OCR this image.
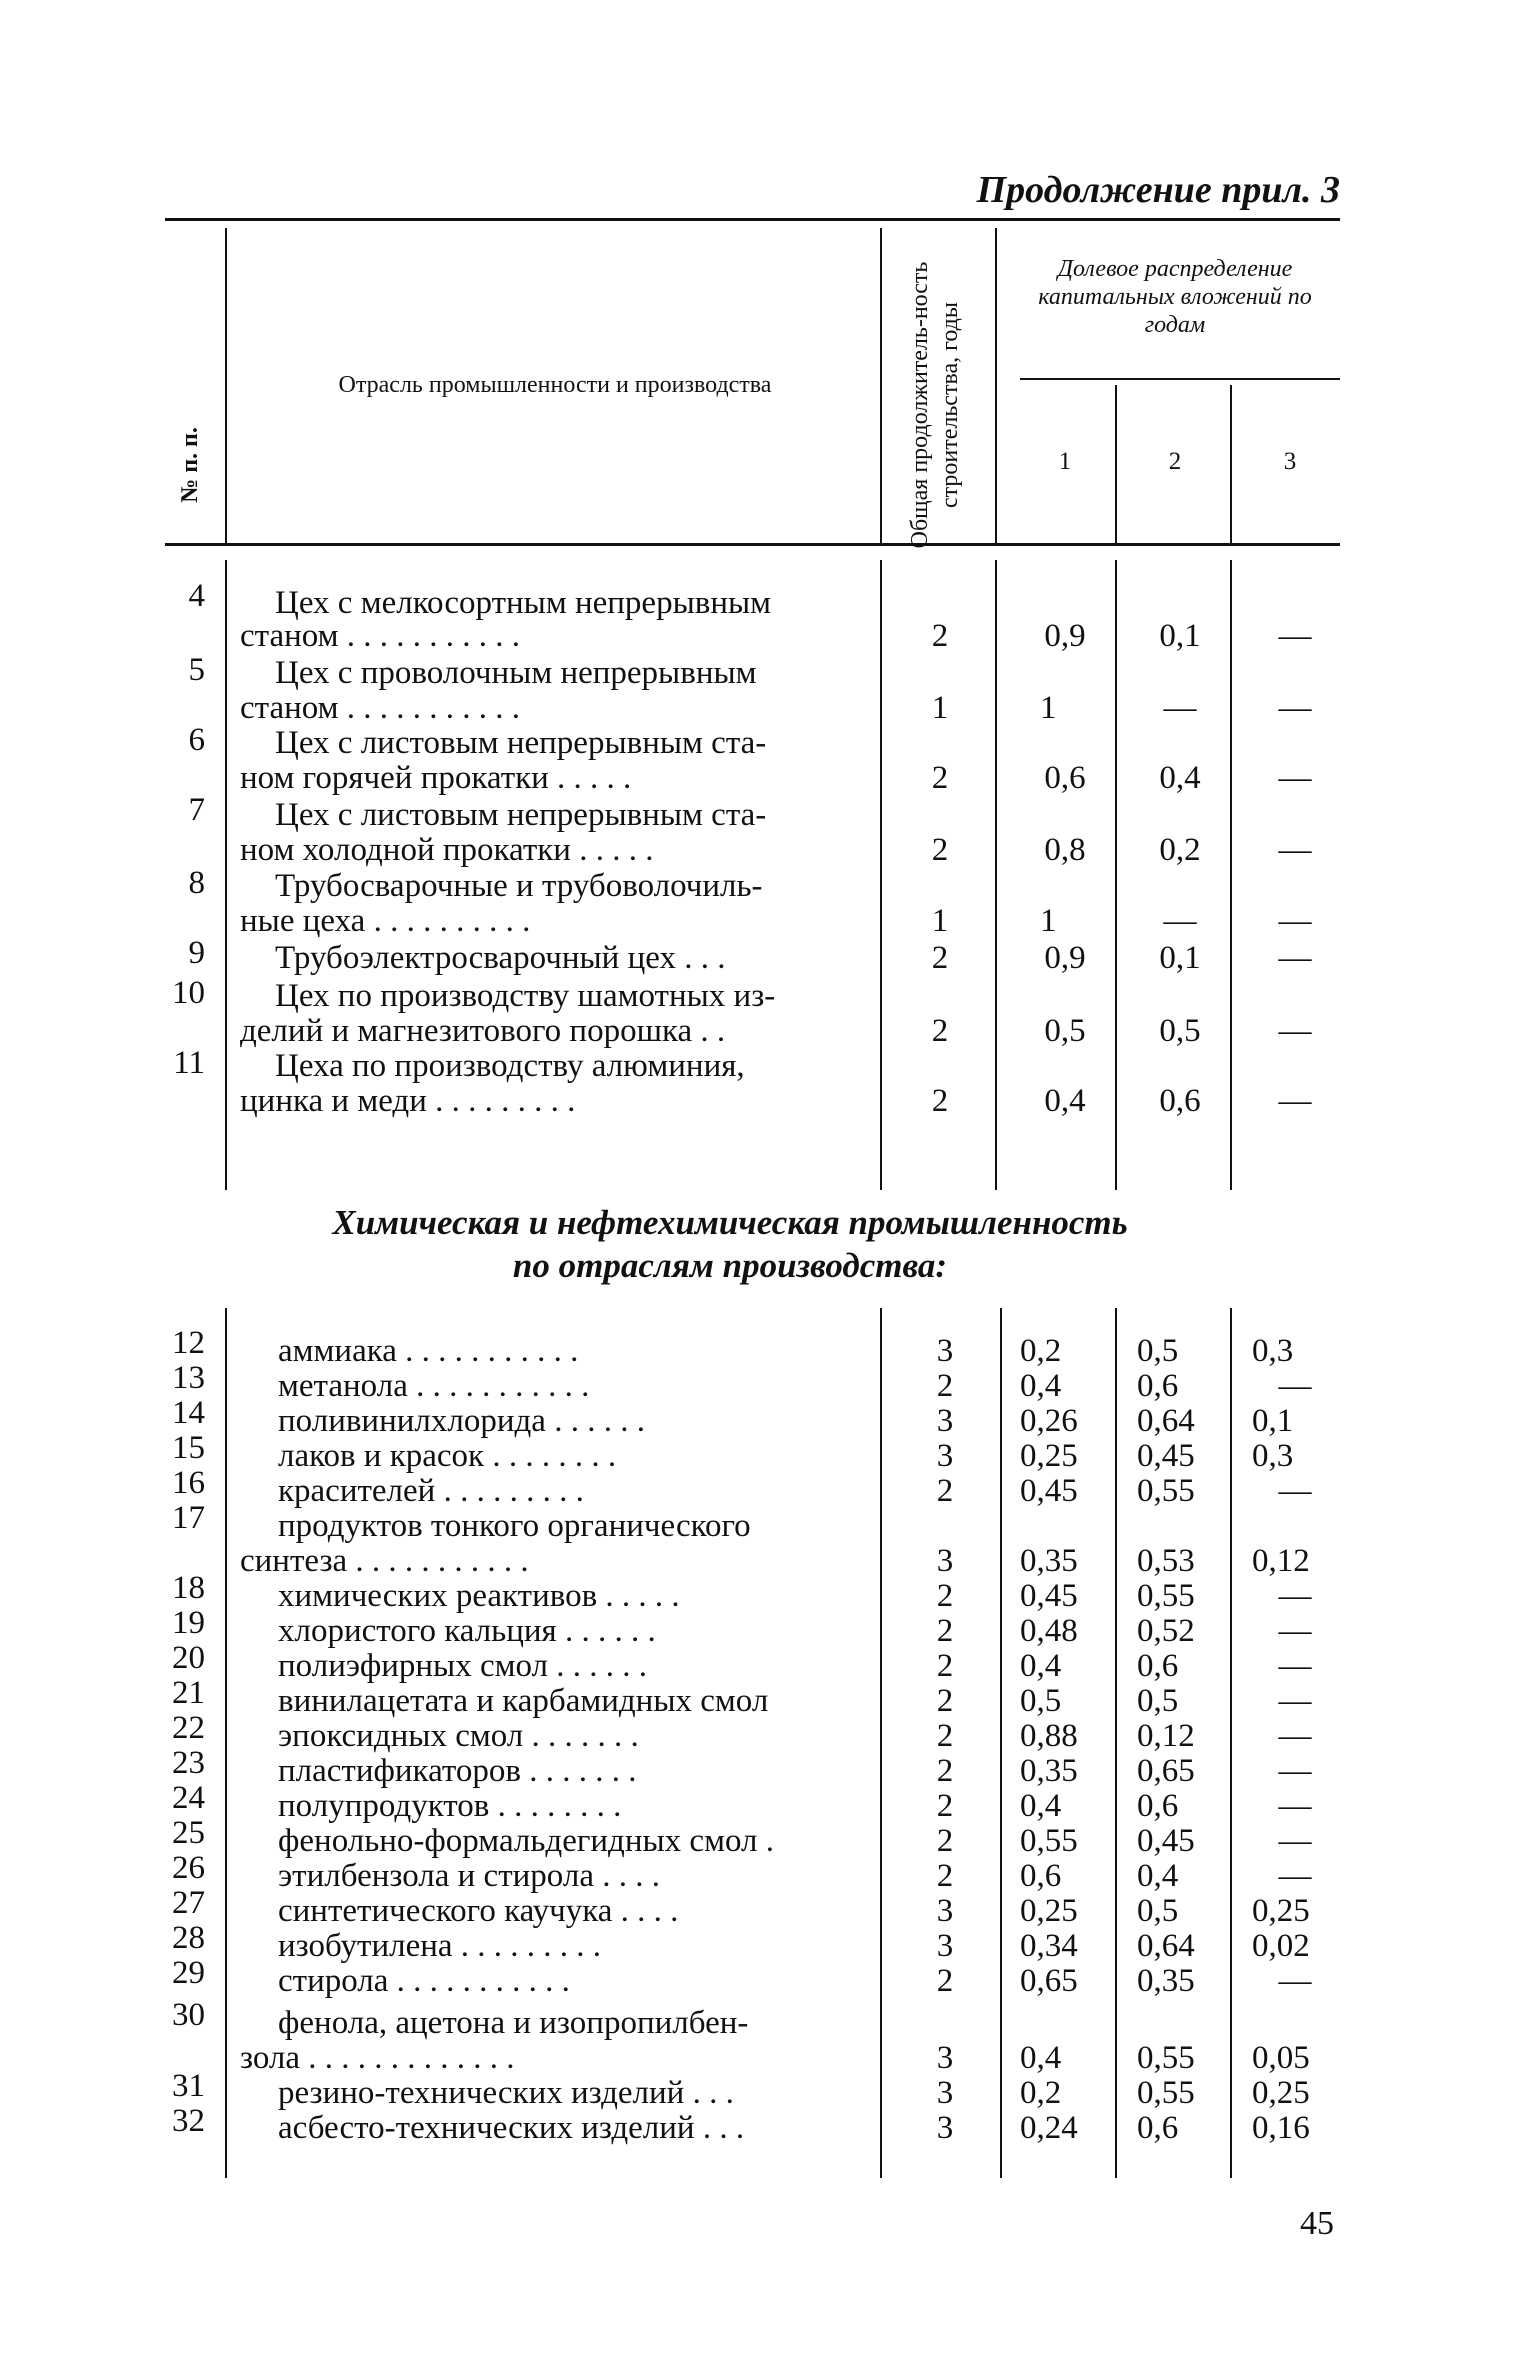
Продолжение прил. 3
№ п. п.
Отрасль промышленности и производства	Общая продолжитель-ность строительства, годы
Долевое распределение капитальных вложений по годам
1	2	3
4 Цех с мелкосортным непрерывным
станом . . . . . . . . . . .	2	0,9	0,1	—
5 Цех с проволочным непрерывным
станом . . . . . . . . . . .	1	1	—	—
6 Цех с листовым непрерывным ста-
ном горячей прокатки . . . . .	2	0,6	0,4	—
7 Цех с листовым непрерывным ста-
ном холодной прокатки . . . . .	2	0,8	0,2	—
8 Трубосварочные и трубоволочиль-
ные цеха . . . . . . . . . .	1	1	—	—
9 Трубоэлектросварочный цех . . .	2	0,9	0,1	—
10 Цех по производству шамотных из-
делий и магнезитового порошка . .	2	0,5	0,5	—
11 Цеха по производству алюминия,
цинка и меди . . . . . . . . .	2	0,4	0,6	—
Химическая и нефтехимическая промышленность
по отраслям производства:
12 аммиака . . . . . . . . . . .	3	0,2 0,5 0,3
13 метанола . . . . . . . . . . .	2	0,4 0,6	—
14 поливинилхлорида . . . . . .	3	0,26 0,64 0,1
15 лаков и красок . . . . . . . .	3	0,25 0,45 0,3
16 красителей . . . . . . . . .	2	0,45 0,55	—
17 продуктов тонкого органического
синтеза . . . . . . . . . . .	3	0,35 0,53 0,12
18 химических реактивов . . . . .	2	0,45 0,55	—
19 хлористого кальция . . . . . .	2	0,48 0,52	—
20 полиэфирных смол . . . . . .	2	0,4 0,6	—
21 винилацетата и карбамидных смол	2	0,5 0,5	—
22 эпоксидных смол . . . . . . .	2	0,88 0,12	—
23 пластификаторов . . . . . . .	2	0,35 0,65	—
24 полупродуктов . . . . . . . .	2	0,4 0,6	—
25 фенольно-формальдегидных смол .	2	0,55 0,45	—
26 этилбензола и стирола . . . .	2	0,6 0,4	—
27 синтетического каучука . . . .	3	0,25 0,5 0,25
28 изобутилена . . . . . . . . .	3	0,34 0,64 0,02
29 стирола . . . . . . . . . . .	2	0,65 0,35	—
30 фенола, ацетона и изопропилбен-
зола . . . . . . . . . . . . .	3	0,4 0,55 0,05
31 резино-технических изделий . . .	3	0,2 0,55 0,25
32 асбесто-технических изделий . . .	3	0,24 0,6 0,16
45
